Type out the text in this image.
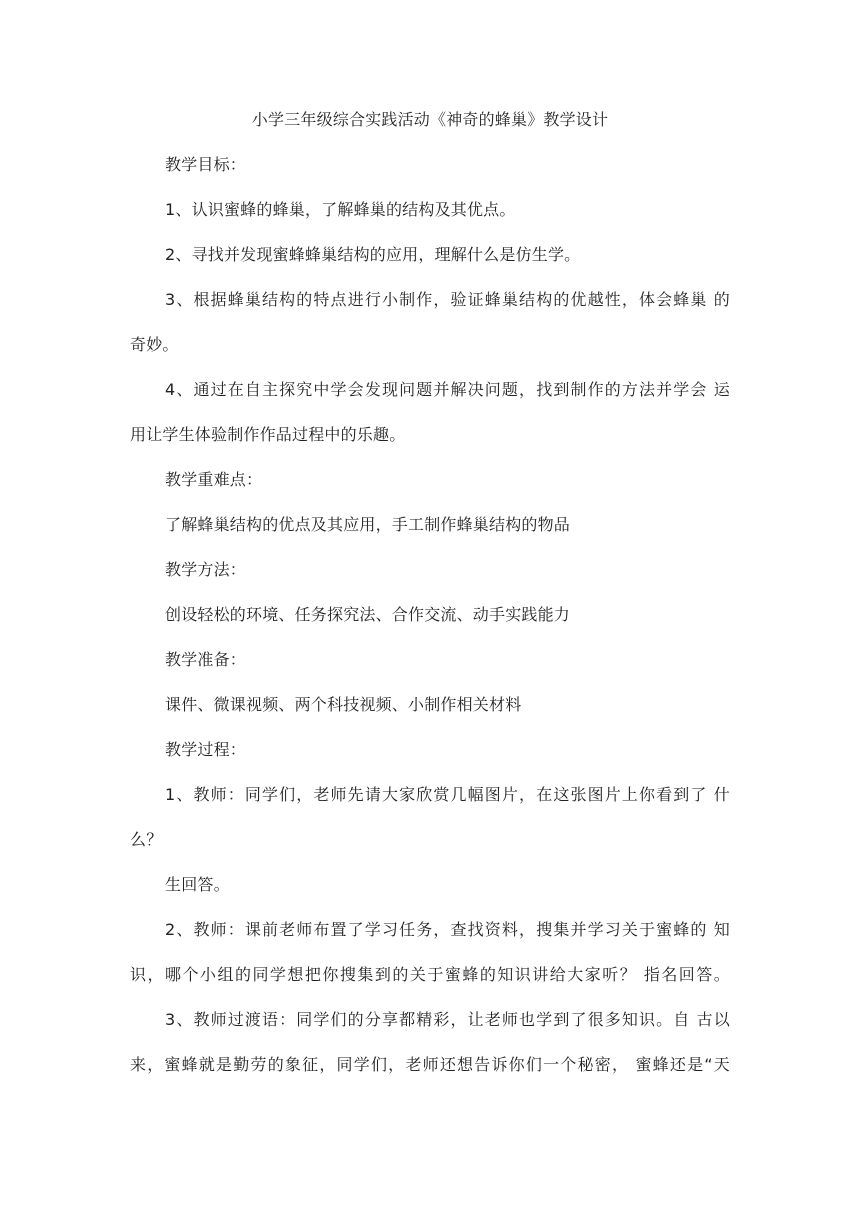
小学三年级综合实践活动《神奇的蜂巢》教学设计

教学目标：

1、认识蜜蜂的蜂巢，了解蜂巢的结构及其优点。

2、寻找并发现蜜蜂蜂巢结构的应用，理解什么是仿生学。

3、根据蜂巢结构的特点进行小制作，验证蜂巢结构的优越性，体会蜂巢 的

奇妙。

4、通过在自主探究中学会发现问题并解决问题，找到制作的方法并学会 运

用让学生体验制作作品过程中的乐趣。

教学重难点：

了解蜂巢结构的优点及其应用，手工制作蜂巢结构的物品

教学方法：

创设轻松的环境、任务探究法、合作交流、动手实践能力

教学准备：

课件、微课视频、两个科技视频、小制作相关材料

教学过程：

1、教师：同学们，老师先请大家欣赏几幅图片，在这张图片上你看到了 什

么？

生回答。

2、教师：课前老师布置了学习任务，查找资料，搜集并学习关于蜜蜂的 知

识，哪个小组的同学想把你搜集到的关于蜜蜂的知识讲给大家听？ 指名回答。

3、教师过渡语：同学们的分享都精彩，让老师也学到了很多知识。自 古以

来，蜜蜂就是勤劳的象征，同学们，老师还想告诉你们一个秘密， 蜜蜂还是“天
